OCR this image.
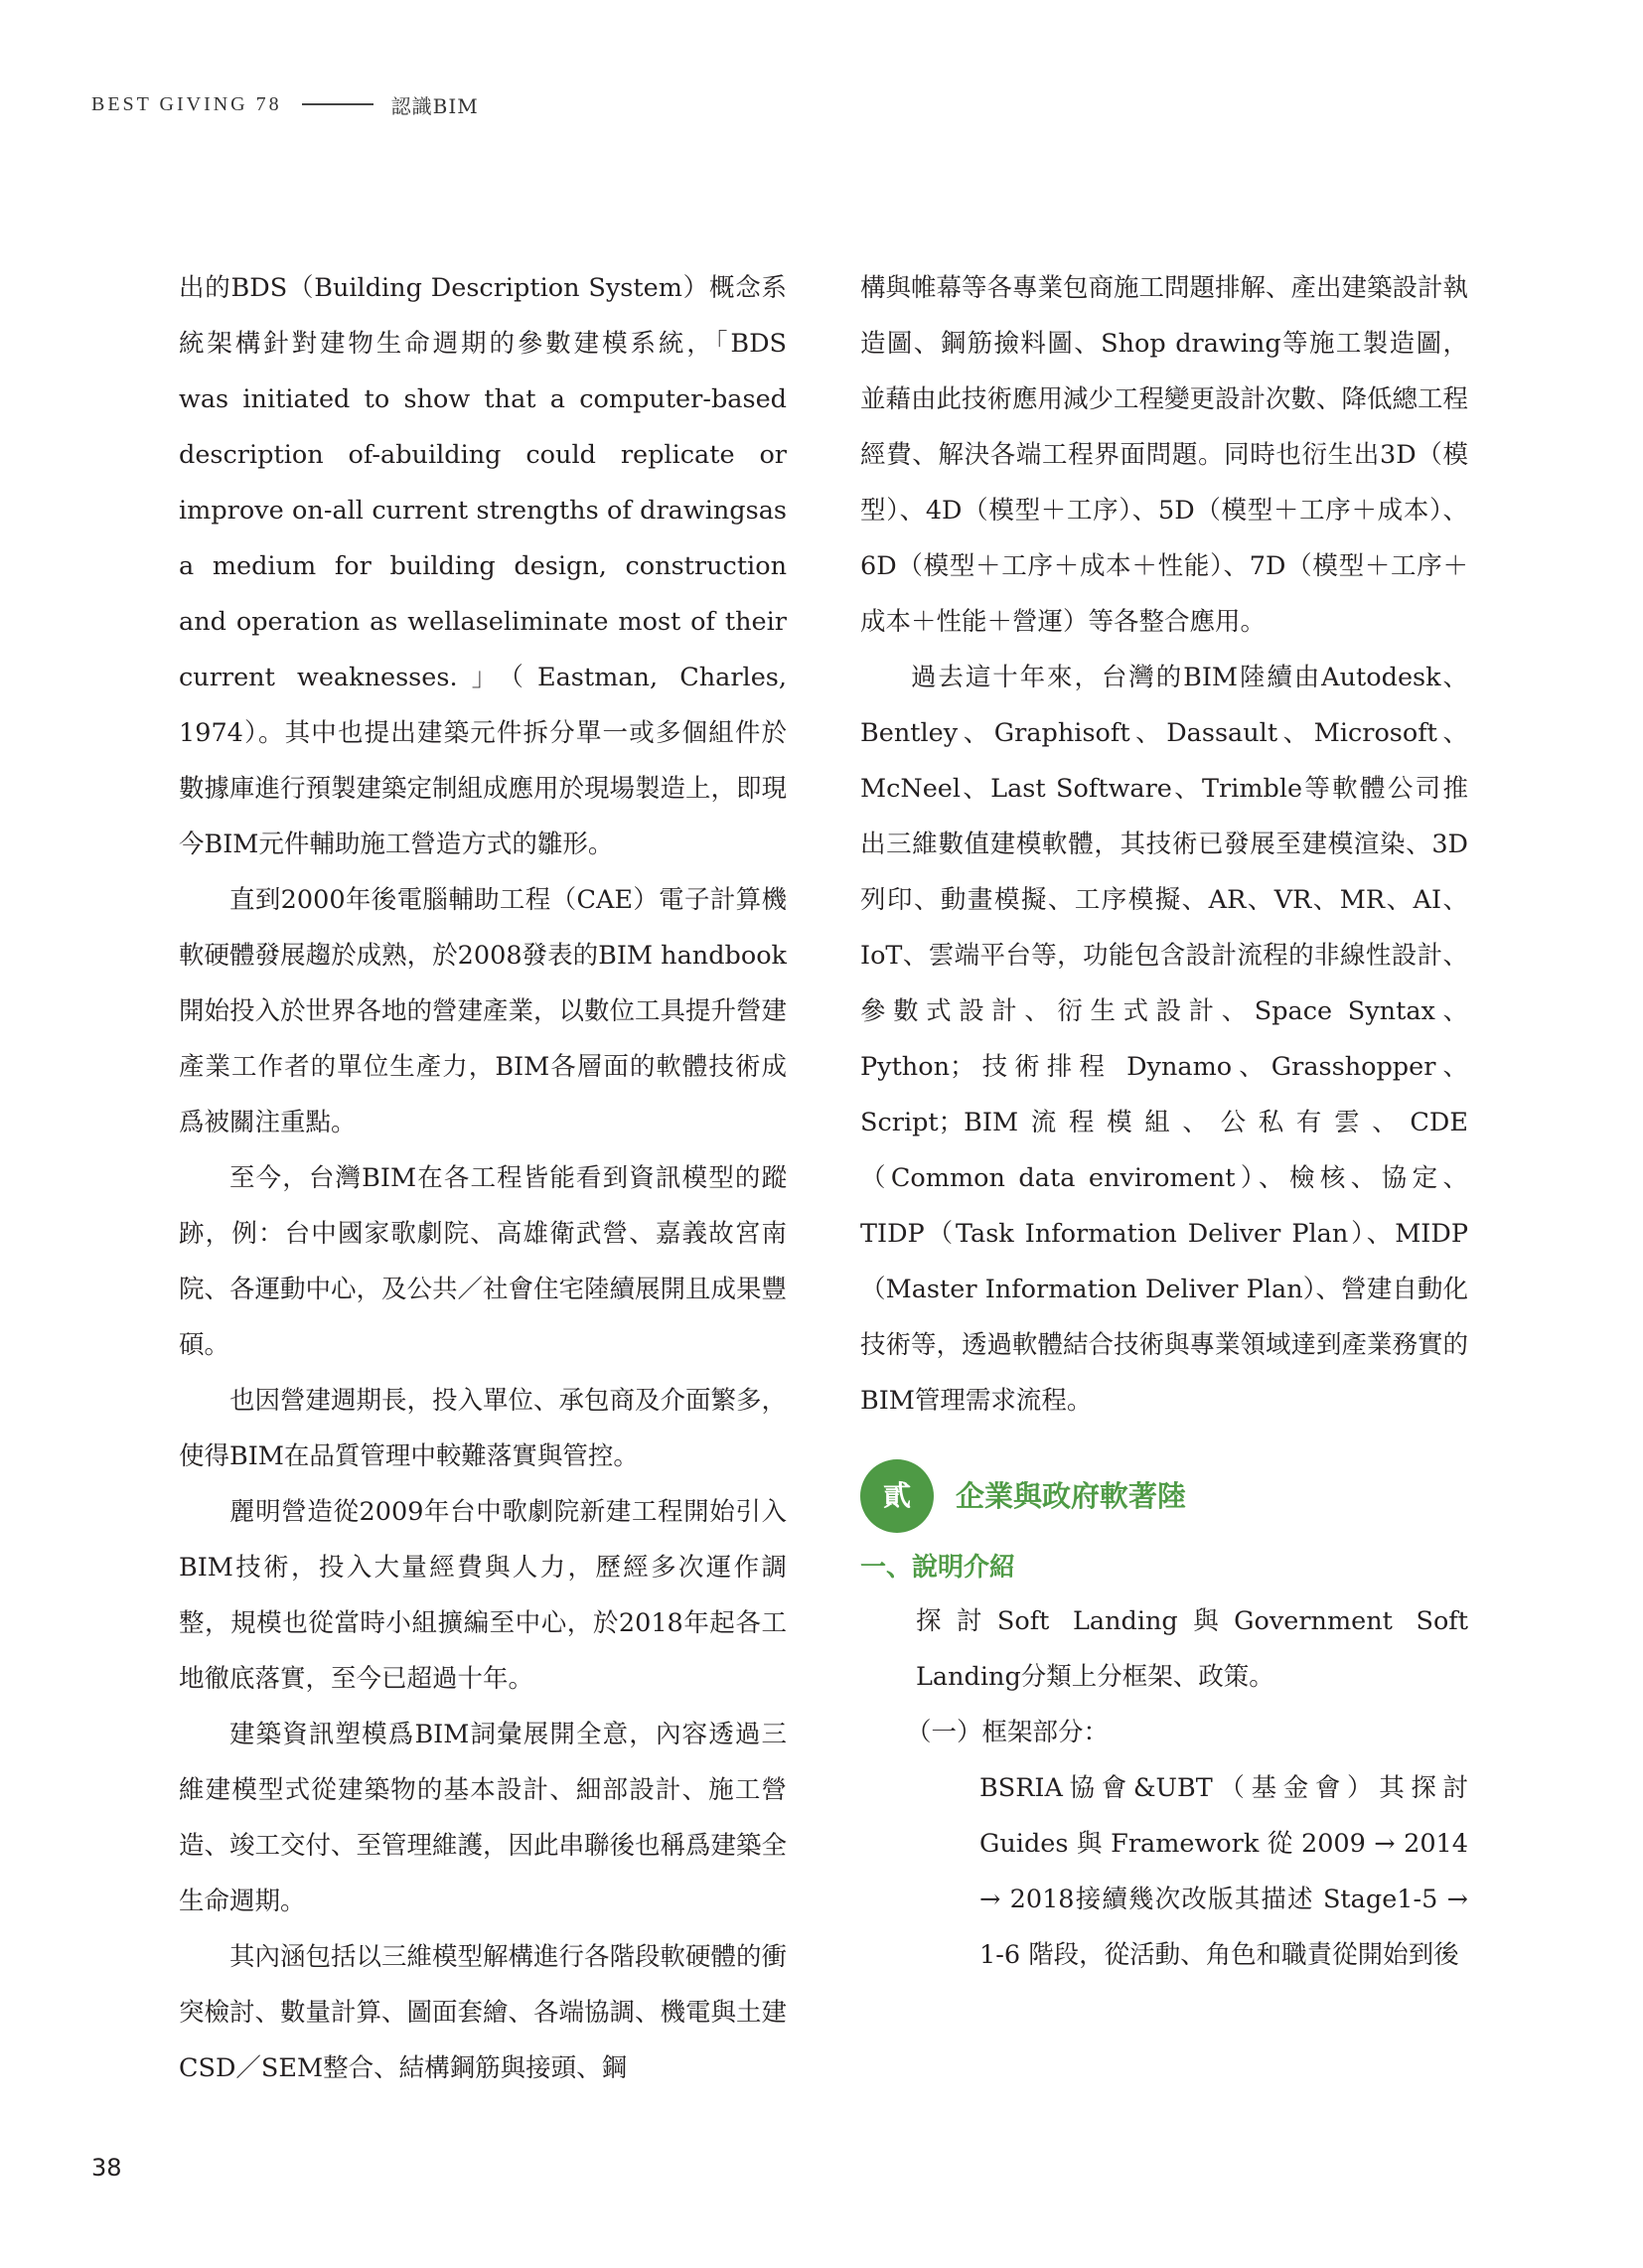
BEST GIVING 78	認識BIM

出的BDS（Building Description System）概念系統架構針對建物生命週期的參數建模系統，「BDS was initiated to show that a computer-based description of-abuilding could replicate or improve on-all current strengths of drawingsas a medium for building design, construction and operation as wellaseliminate most of their current weaknesses.」（Eastman, Charles, 1974）。其中也提出建築元件拆分單一或多個組件於數據庫進行預製建築定制組成應用於現場製造上，即現今BIM元件輔助施工營造方式的雛形。

直到2000年後電腦輔助工程（CAE）電子計算機軟硬體發展趨於成熟，於2008發表的BIM handbook開始投入於世界各地的營建產業，以數位工具提升營建產業工作者的單位生產力，BIM各層面的軟體技術成爲被關注重點。

至今，台灣BIM在各工程皆能看到資訊模型的蹤跡，例：台中國家歌劇院、高雄衛武營、嘉義故宮南院、各運動中心，及公共／社會住宅陸續展開且成果豐碩。

也因營建週期長，投入單位、承包商及介面繁多，使得BIM在品質管理中較難落實與管控。

麗明營造從2009年台中歌劇院新建工程開始引入BIM技術，投入大量經費與人力，歷經多次運作調整，規模也從當時小組擴編至中心，於2018年起各工地徹底落實，至今已超過十年。

建築資訊塑模爲BIM詞彙展開全意，內容透過三維建模型式從建築物的基本設計、細部設計、施工營造、竣工交付、至管理維護，因此串聯後也稱爲建築全生命週期。

其內涵包括以三維模型解構進行各階段軟硬體的衝突檢討、數量計算、圖面套繪、各端協調、機電與土建CSD／SEM整合、結構鋼筋與接頭、鋼

構與帷幕等各專業包商施工問題排解、產出建築設計執造圖、鋼筋撿料圖、Shop drawing等施工製造圖，並藉由此技術應用減少工程變更設計次數、降低總工程經費、解決各端工程界面問題。同時也衍生出3D（模型）、4D（模型＋工序）、5D（模型＋工序＋成本）、6D（模型＋工序＋成本＋性能）、7D（模型＋工序＋成本＋性能＋營運）等各整合應用。

過去這十年來，台灣的BIM陸續由Autodesk、Bentley、Graphisoft、Dassault、Microsoft、McNeel、Last Software、Trimble等軟體公司推出三維數值建模軟體，其技術已發展至建模渲染、3D列印、動畫模擬、工序模擬、AR、VR、MR、AI、IoT、雲端平台等，功能包含設計流程的非線性設計、參數式設計、衍生式設計、Space Syntax、Python；技術排程 Dynamo、Grasshopper、Script；BIM流程模組、公私有雲、CDE（Common data enviroment）、檢核、協定、TIDP（Task Information Deliver Plan）、MIDP（Master Information Deliver Plan）、營建自動化技術等，透過軟體結合技術與專業領域達到產業務實的BIM管理需求流程。

貳	企業與政府軟著陸
一、說明介紹

探討Soft Landing與Government Soft Landing分類上分框架、政策。

（一）框架部分：

BSRIA協會&UBT（基金會）其探討Guides 與 Framework 從 2009 → 2014 → 2018接續幾次改版其描述 Stage1-5 → 1-6 階段，從活動、角色和職責從開始到後

38
